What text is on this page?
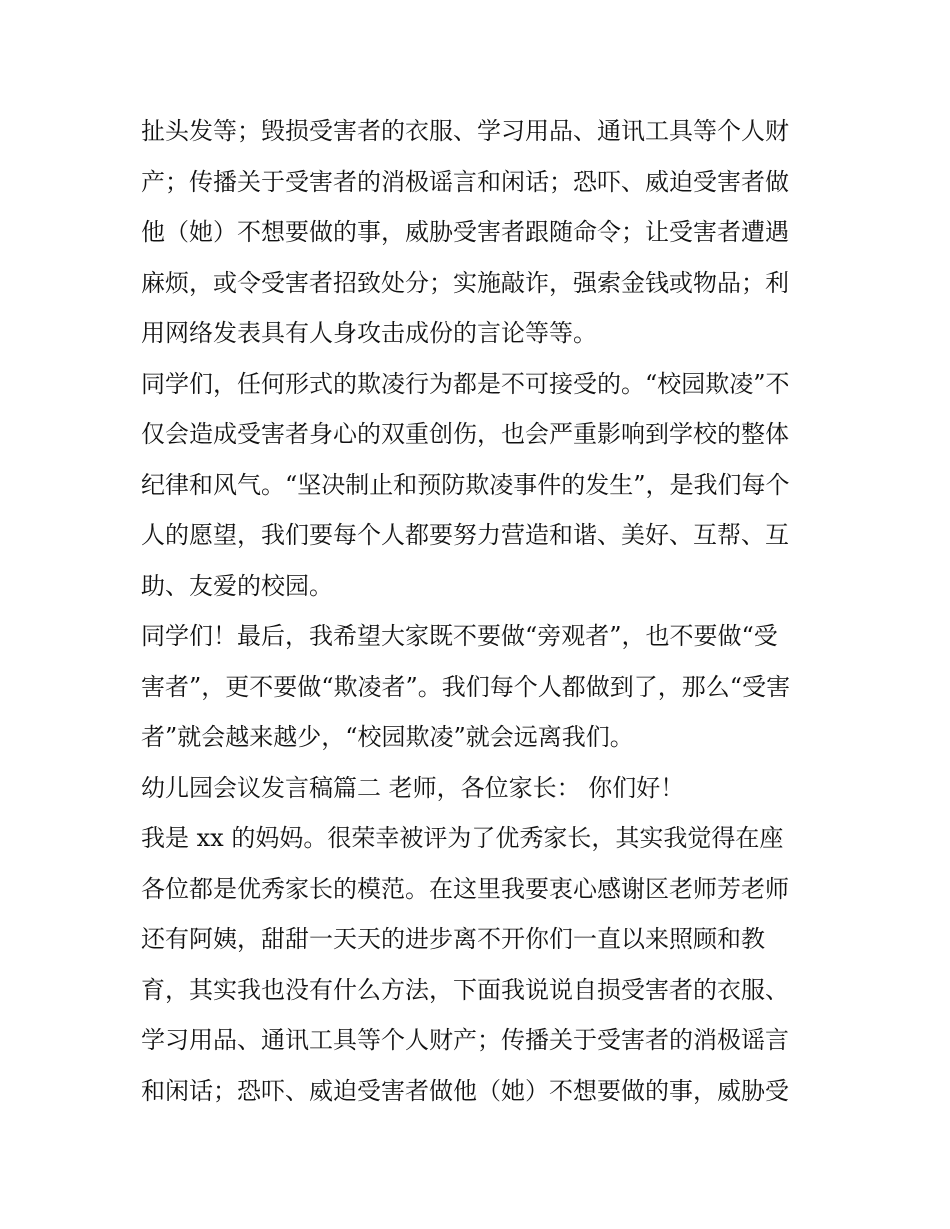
扯头发等；毁损受害者的衣服、学习用品、通讯工具等个人财
产；传播关于受害者的消极谣言和闲话；恐吓、威迫受害者做
他（她）不想要做的事，威胁受害者跟随命令；让受害者遭遇
麻烦，或令受害者招致处分；实施敲诈，强索金钱或物品；利
用网络发表具有人身攻击成份的言论等等。
同学们，任何形式的欺凌行为都是不可接受的。“校园欺凌”不
仅会造成受害者身心的双重创伤，也会严重影响到学校的整体
纪律和风气。“坚决制止和预防欺凌事件的发生”，是我们每个
人的愿望，我们要每个人都要努力营造和谐、美好、互帮、互
助、友爱的校园。
同学们！最后，我希望大家既不要做“旁观者”，也不要做“受
害者”，更不要做“欺凌者”。我们每个人都做到了，那么“受害
者”就会越来越少，“校园欺凌”就会远离我们。
幼儿园会议发言稿篇二 老师，各位家长： 你们好！
我是 xx 的妈妈。很荣幸被评为了优秀家长，其实我觉得在座
各位都是优秀家长的模范。在这里我要衷心感谢区老师芳老师
还有阿姨，甜甜一天天的进步离不开你们一直以来照顾和教
育，其实我也没有什么方法，下面我说说自损受害者的衣服、
学习用品、通讯工具等个人财产；传播关于受害者的消极谣言
和闲话；恐吓、威迫受害者做他（她）不想要做的事，威胁受
